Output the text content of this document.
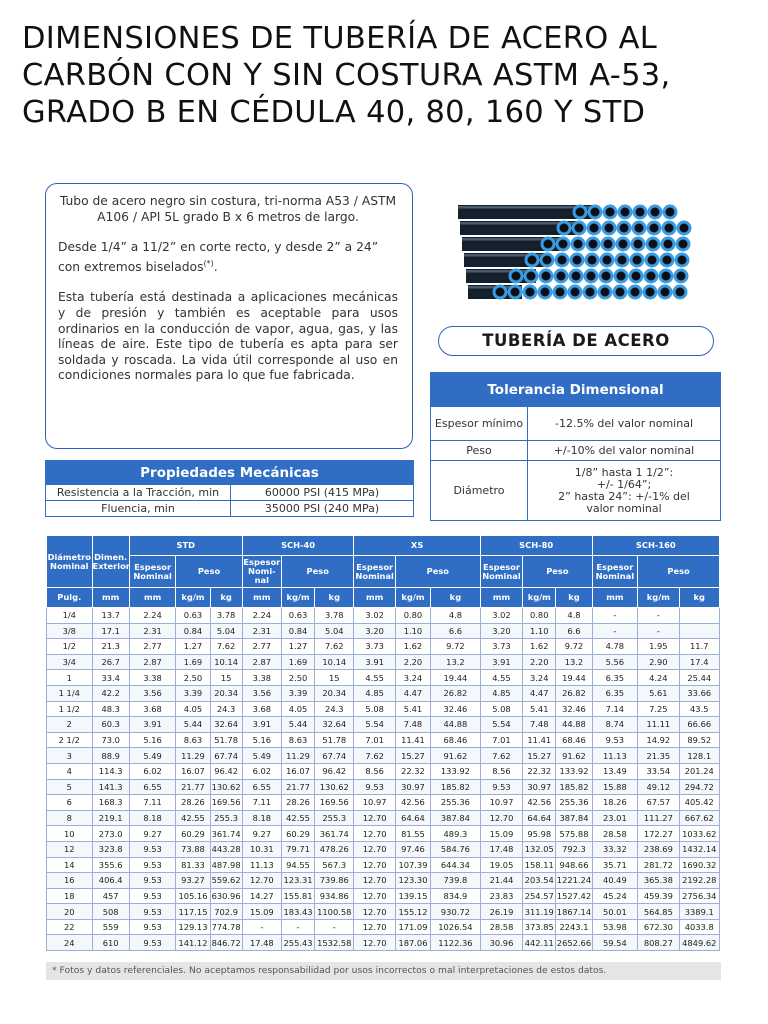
DIMENSIONES DE TUBERÍA DE ACERO AL CARBÓN CON Y SIN COSTURA ASTM A-53, GRADO B EN CÉDULA 40, 80, 160 Y STD

Tubo de acero negro sin costura, tri-norma A53 / ASTM A106 / API 5L grado B x 6 metros de largo.

Desde 1/4” a 11/2” en corte recto, y desde 2” a 24” con extremos biselados(*).

Esta tubería está destinada a aplicaciones mecánicas y de presión y también es aceptable para usos ordinarios en la conducción de vapor, agua, gas, y las líneas de aire. Este tipo de tubería es apta para ser soldada y roscada. La vida útil corresponde al uso en condiciones normales para lo que fue fabricada.

TUBERÍA DE ACERO
Tolerancia Dimensional	
Espesor mínimo	-12.5% del valor nominal
Peso	+/-10% del valor nominal
Diámetro	1/8” hasta 1 1/2”:
+/- 1/64”;
2” hasta 24”: +/-1% del
valor nominal
Propiedades Mecánicas	
Resistencia a la Tracción, min	60000 PSI (415 MPa)
Fluencia, min	35000 PSI (240 MPa)
Diámetro Nominal	Dimen. Exterior	STD			SCH-40			XS			SCH-80			SCH-160		
		Espesor Nominal	Peso		Espesor Nomi- nal	Peso		Espesor Nominal	Peso		Espesor Nominal	Peso		Espesor Nominal	Peso	
Pulg.	mm	mm	kg/m	kg	mm	kg/m	kg	mm	kg/m	kg	mm	kg/m	kg	mm	kg/m	kg
1/4	13.7	2.24	0.63	3.78	2.24	0.63	3.78	3.02	0.80	4.8	3.02	0.80	4.8	-	-	
3/8	17.1	2.31	0.84	5.04	2.31	0.84	5.04	3.20	1.10	6.6	3.20	1.10	6.6	-	-	
1/2	21.3	2.77	1.27	7.62	2.77	1.27	7.62	3.73	1.62	9.72	3.73	1.62	9.72	4.78	1.95	11.7
3/4	26.7	2.87	1.69	10.14	2.87	1.69	10.14	3.91	2.20	13.2	3.91	2.20	13.2	5.56	2.90	17.4
1	33.4	3.38	2.50	15	3.38	2.50	15	4.55	3.24	19.44	4.55	3.24	19.44	6.35	4.24	25.44
1 1/4	42.2	3.56	3.39	20.34	3.56	3.39	20.34	4.85	4.47	26.82	4.85	4.47	26.82	6.35	5.61	33.66
1 1/2	48.3	3.68	4.05	24.3	3.68	4.05	24.3	5.08	5.41	32.46	5.08	5.41	32.46	7.14	7.25	43.5
2	60.3	3.91	5.44	32.64	3.91	5.44	32.64	5.54	7.48	44.88	5.54	7.48	44.88	8.74	11.11	66.66
2 1/2	73.0	5.16	8.63	51.78	5.16	8.63	51.78	7.01	11.41	68.46	7.01	11.41	68.46	9.53	14.92	89.52
3	88.9	5.49	11.29	67.74	5.49	11.29	67.74	7.62	15.27	91.62	7.62	15.27	91.62	11.13	21.35	128.1
4	114.3	6.02	16.07	96.42	6.02	16.07	96.42	8.56	22.32	133.92	8.56	22.32	133.92	13.49	33.54	201.24
5	141.3	6.55	21.77	130.62	6.55	21.77	130.62	9.53	30.97	185.82	9.53	30.97	185.82	15.88	49.12	294.72
6	168.3	7.11	28.26	169.56	7.11	28.26	169.56	10.97	42.56	255.36	10.97	42.56	255.36	18.26	67.57	405.42
8	219.1	8.18	42.55	255.3	8.18	42.55	255.3	12.70	64.64	387.84	12.70	64.64	387.84	23.01	111.27	667.62
10	273.0	9.27	60.29	361.74	9.27	60.29	361.74	12.70	81.55	489.3	15.09	95.98	575.88	28.58	172.27	1033.62
12	323.8	9.53	73.88	443.28	10.31	79.71	478.26	12.70	97.46	584.76	17.48	132.05	792.3	33.32	238.69	1432.14
14	355.6	9.53	81.33	487.98	11.13	94.55	567.3	12.70	107.39	644.34	19.05	158.11	948.66	35.71	281.72	1690.32
16	406.4	9.53	93.27	559.62	12.70	123.31	739.86	12.70	123.30	739.8	21.44	203.54	1221.24	40.49	365.38	2192.28
18	457	9.53	105.16	630.96	14.27	155.81	934.86	12.70	139.15	834.9	23.83	254.57	1527.42	45.24	459.39	2756.34
20	508	9.53	117.15	702.9	15.09	183.43	1100.58	12.70	155.12	930.72	26.19	311.19	1867.14	50.01	564.85	3389.1
22	559	9.53	129.13	774.78	-	-	-	12.70	171.09	1026.54	28.58	373.85	2243.1	53.98	672.30	4033.8
24	610	9.53	141.12	846.72	17.48	255.43	1532.58	12.70	187.06	1122.36	30.96	442.11	2652.66	59.54	808.27	4849.62
* Fotos y datos referenciales. No aceptamos responsabilidad por usos incorrectos o mal interpretaciones de estos datos.
